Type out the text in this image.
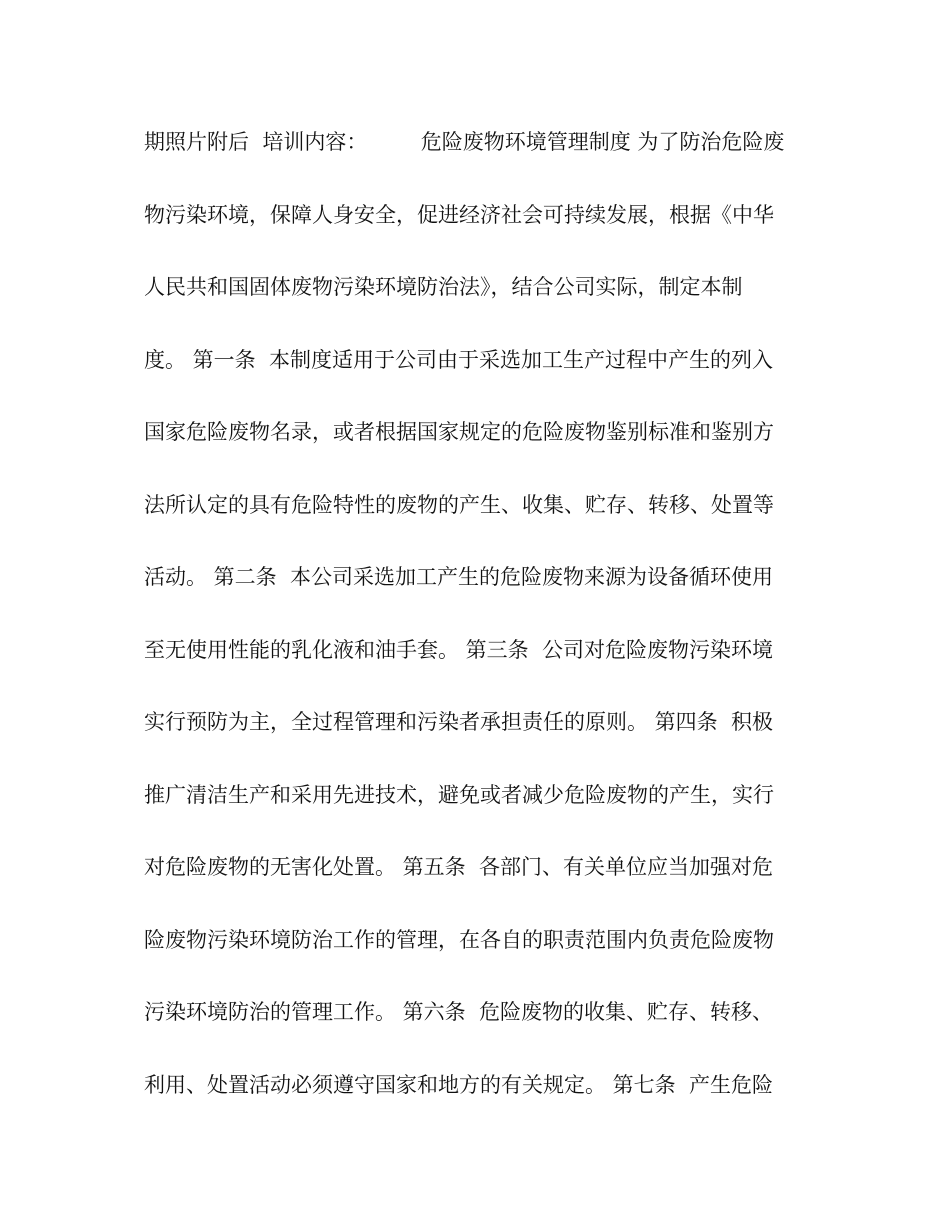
期照片附后  培训内容：        危险废物环境管理制度 为了防治危险废
物污染环境，保障人身安全，促进经济社会可持续发展，根据《中华
人民共和国固体废物污染环境防治法》，结合公司实际，制定本制
度。 第一条  本制度适用于公司由于采选加工生产过程中产生的列入
国家危险废物名录，或者根据国家规定的危险废物鉴别标准和鉴别方
法所认定的具有危险特性的废物的产生、收集、贮存、转移、处置等
活动。 第二条  本公司采选加工产生的危险废物来源为设备循环使用
至无使用性能的乳化液和油手套。 第三条  公司对危险废物污染环境
实行预防为主，全过程管理和污染者承担责任的原则。 第四条  积极
推广清洁生产和采用先进技术，避免或者减少危险废物的产生，实行
对危险废物的无害化处置。 第五条  各部门、有关单位应当加强对危
险废物污染环境防治工作的管理，在各自的职责范围内负责危险废物
污染环境防治的管理工作。 第六条  危险废物的收集、贮存、转移、
利用、处置活动必须遵守国家和地方的有关规定。 第七条  产生危险
